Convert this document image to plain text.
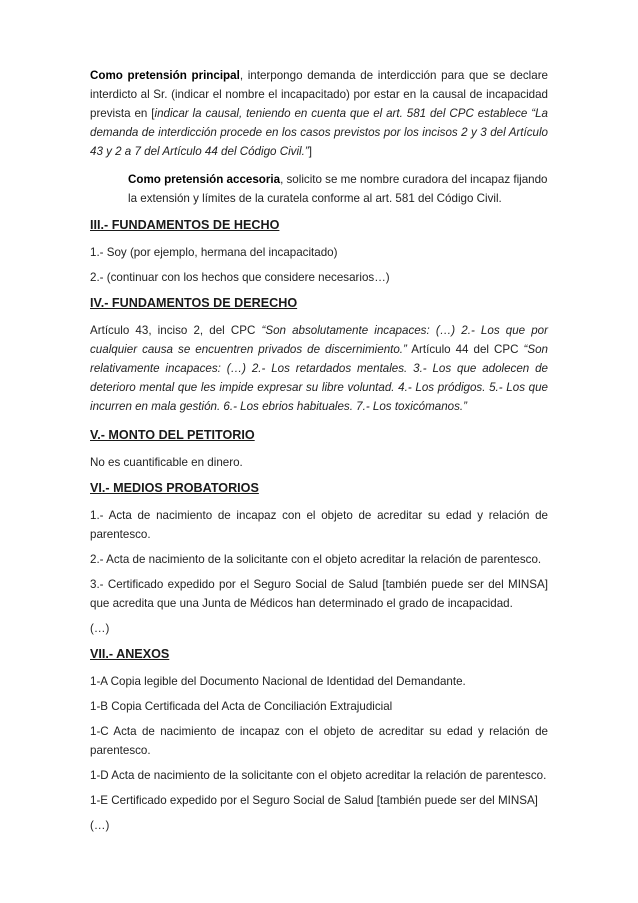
Como pretensión principal, interpongo demanda de interdicción para que se declare interdicto al Sr. (indicar el nombre el incapacitado) por estar en la causal de incapacidad prevista en [indicar la causal, teniendo en cuenta que el art. 581 del CPC establece “La demanda de interdicción procede en los casos previstos por los incisos 2 y 3 del Artículo 43 y 2 a 7 del Artículo 44 del Código Civil.”]

Como pretensión accesoria, solicito se me nombre curadora del incapaz fijando la extensión y límites de la curatela conforme al art. 581 del Código Civil.

III.- FUNDAMENTOS DE HECHO

1.- Soy (por ejemplo, hermana del incapacitado)

2.- (continuar con los hechos que considere necesarios…)

IV.- FUNDAMENTOS DE DERECHO

Artículo 43, inciso 2, del CPC “Son absolutamente incapaces: (…) 2.- Los que por cualquier causa se encuentren privados de discernimiento.” Artículo 44 del CPC “Son relativamente incapaces: (…) 2.- Los retardados mentales. 3.- Los que adolecen de deterioro mental que les impide expresar su libre voluntad. 4.- Los pródigos. 5.- Los que incurren en mala gestión. 6.- Los ebrios habituales. 7.- Los toxicómanos.”

V.- MONTO DEL PETITORIO

No es cuantificable en dinero.

VI.- MEDIOS PROBATORIOS

1.- Acta de nacimiento de incapaz con el objeto de acreditar su edad y relación de parentesco.

2.- Acta de nacimiento de la solicitante con el objeto acreditar la relación de parentesco.

3.- Certificado expedido por el Seguro Social de Salud [también puede ser del MINSA] que acredita que una Junta de Médicos han determinado el grado de incapacidad.

(…)

VII.- ANEXOS

1-A Copia legible del Documento Nacional de Identidad del Demandante.

1-B Copia Certificada del Acta de Conciliación Extrajudicial

1-C Acta de nacimiento de incapaz con el objeto de acreditar su edad y relación de parentesco.

1-D Acta de nacimiento de la solicitante con el objeto acreditar la relación de parentesco.

1-E Certificado expedido por el Seguro Social de Salud [también puede ser del MINSA]

(…)
